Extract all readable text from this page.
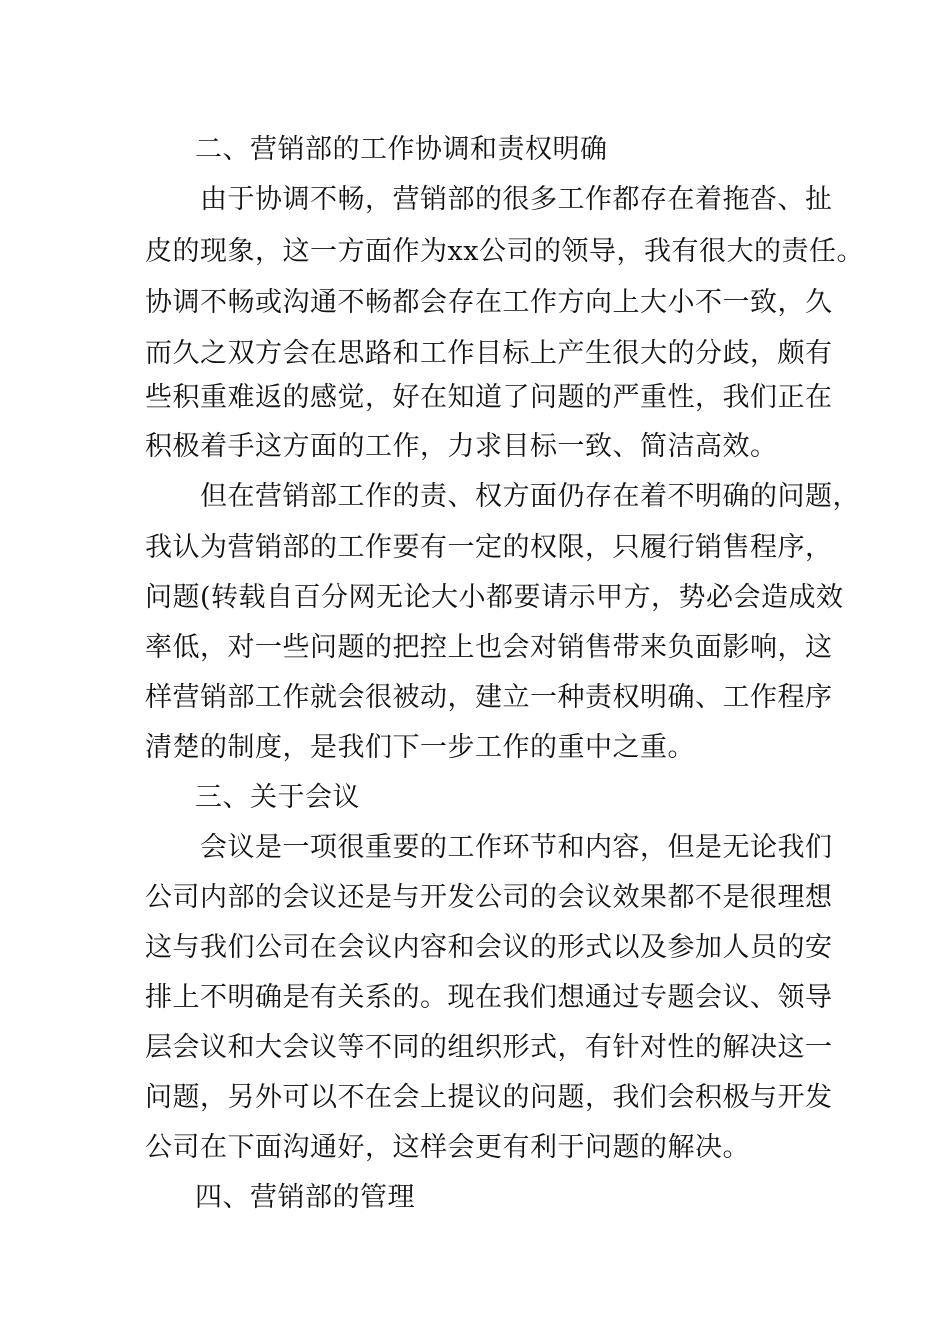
二、营销部的工作协调和责权明确
由于协调不畅，营销部的很多工作都存在着拖沓、扯
皮的现象，这一方面作为xx公司的领导，我有很大的责任。
协调不畅或沟通不畅都会存在工作方向上大小不一致，久
而久之双方会在思路和工作目标上产生很大的分歧，颇有
些积重难返的感觉，好在知道了问题的严重性，我们正在
积极着手这方面的工作，力求目标一致、简洁高效。
但在营销部工作的责、权方面仍存在着不明确的问题，
我认为营销部的工作要有一定的权限，只履行销售程序，
问题(转载自百分网无论大小都要请示甲方，势必会造成效
率低，对一些问题的把控上也会对销售带来负面影响，这
样营销部工作就会很被动，建立一种责权明确、工作程序
清楚的制度，是我们下一步工作的重中之重。
三、关于会议
会议是一项很重要的工作环节和内容，但是无论我们
公司内部的会议还是与开发公司的会议效果都不是很理想
这与我们公司在会议内容和会议的形式以及参加人员的安
排上不明确是有关系的。现在我们想通过专题会议、领导
层会议和大会议等不同的组织形式，有针对性的解决这一
问题，另外可以不在会上提议的问题，我们会积极与开发
公司在下面沟通好，这样会更有利于问题的解决。
四、营销部的管理
